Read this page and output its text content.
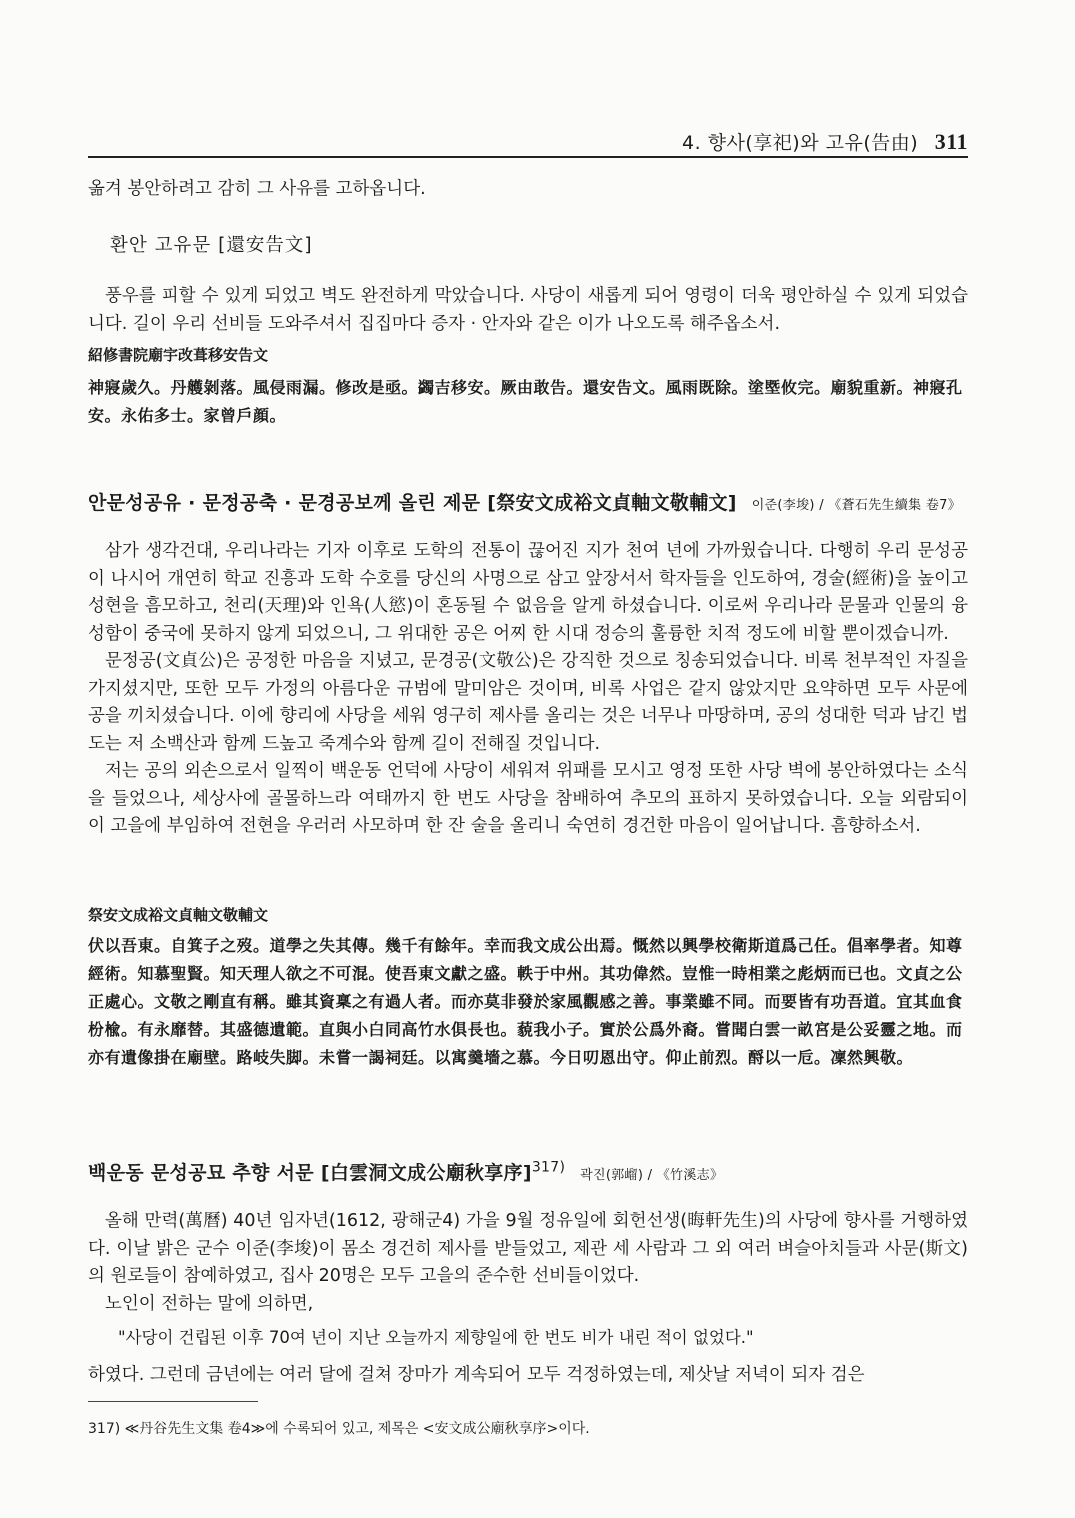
4. 향사(享祀)와 고유(告由) 311

옮겨 봉안하려고 감히 그 사유를 고하옵니다.

환안 고유문 [還安告文]

풍우를 피할 수 있게 되었고 벽도 완전하게 막았습니다. 사당이 새롭게 되어 영령이 더욱 평안하실 수 있게 되었습니다. 길이 우리 선비들 도와주셔서 집집마다 증자 · 안자와 같은 이가 나오도록 해주옵소서.

紹修書院廟宇改葺移安告文

神寢歲久。丹艧剝落。風侵雨漏。修改是亟。蠲吉移安。厥由敢告。還安告文。風雨既除。塗塈攸完。廟貌重新。神寢孔安。永佑多士。家曾戶顔。

안문성공유 · 문정공축 · 문경공보께 올린 제문 [祭安文成裕文貞軸文敬輔文] 이준(李埈) / 《蒼石先生續集 卷7》

삼가 생각건대, 우리나라는 기자 이후로 도학의 전통이 끊어진 지가 천여 년에 가까웠습니다. 다행히 우리 문성공이 나시어 개연히 학교 진흥과 도학 수호를 당신의 사명으로 삼고 앞장서서 학자들을 인도하여, 경술(經術)을 높이고 성현을 흠모하고, 천리(天理)와 인욕(人慾)이 혼동될 수 없음을 알게 하셨습니다. 이로써 우리나라 문물과 인물의 융성함이 중국에 못하지 않게 되었으니, 그 위대한 공은 어찌 한 시대 정승의 훌륭한 치적 정도에 비할 뿐이겠습니까.

문정공(文貞公)은 공정한 마음을 지녔고, 문경공(文敬公)은 강직한 것으로 칭송되었습니다. 비록 천부적인 자질을 가지셨지만, 또한 모두 가정의 아름다운 규범에 말미암은 것이며, 비록 사업은 같지 않았지만 요약하면 모두 사문에 공을 끼치셨습니다. 이에 향리에 사당을 세워 영구히 제사를 올리는 것은 너무나 마땅하며, 공의 성대한 덕과 남긴 법도는 저 소백산과 함께 드높고 죽계수와 함께 길이 전해질 것입니다.

저는 공의 외손으로서 일찍이 백운동 언덕에 사당이 세워져 위패를 모시고 영정 또한 사당 벽에 봉안하였다는 소식을 들었으나, 세상사에 골몰하느라 여태까지 한 번도 사당을 참배하여 추모의 표하지 못하였습니다. 오늘 외람되이 이 고을에 부임하여 전현을 우러러 사모하며 한 잔 술을 올리니 숙연히 경건한 마음이 일어납니다. 흠향하소서.

祭安文成裕文貞軸文敬輔文

伏以吾東。自箕子之歿。道學之失其傳。幾千有餘年。幸而我文成公出焉。慨然以興學校衛斯道爲己任。倡率學者。知尊經術。知慕聖賢。知天理人欲之不可混。使吾東文獻之盛。軼于中州。其功偉然。豈惟一時相業之彪炳而已也。文貞之公正處心。文敬之剛直有稱。雖其資稟之有過人者。而亦莫非發於家風觀感之善。事業雖不同。而要皆有功吾道。宜其血食枌楡。有永靡替。其盛德遺範。直與小白同高竹水俱長也。藐我小子。實於公爲外裔。嘗聞白雲一畝宮是公妥靈之地。而亦有遺像掛在廟壁。路岐失脚。未嘗一謁祠廷。以寓羹墻之慕。今日叨恩出守。仰止前烈。酹以一卮。凜然興敬。

백운동 문성공묘 추향 서문 [白雲洞文成公廟秋享序]$^{317)}$ 곽진(郭嵧) / 《竹溪志》

올해 만력(萬曆) 40년 임자년(1612, 광해군4) 가을 9월 정유일에 회헌선생(晦軒先生)의 사당에 향사를 거행하였다. 이날 밝은 군수 이준(李埈)이 몸소 경건히 제사를 받들었고, 제관 세 사람과 그 외 여러 벼슬아치들과 사문(斯文)의 원로들이 참예하였고, 집사 20명은 모두 고을의 준수한 선비들이었다.

노인이 전하는 말에 의하면,

"사당이 건립된 이후 70여 년이 지난 오늘까지 제향일에 한 번도 비가 내린 적이 없었다."

하였다. 그런데 금년에는 여러 달에 걸쳐 장마가 계속되어 모두 걱정하였는데, 제삿날 저녁이 되자 검은

317) ≪丹谷先生文集 卷4≫에 수록되어 있고, 제목은 <安文成公廟秋享序>이다.
